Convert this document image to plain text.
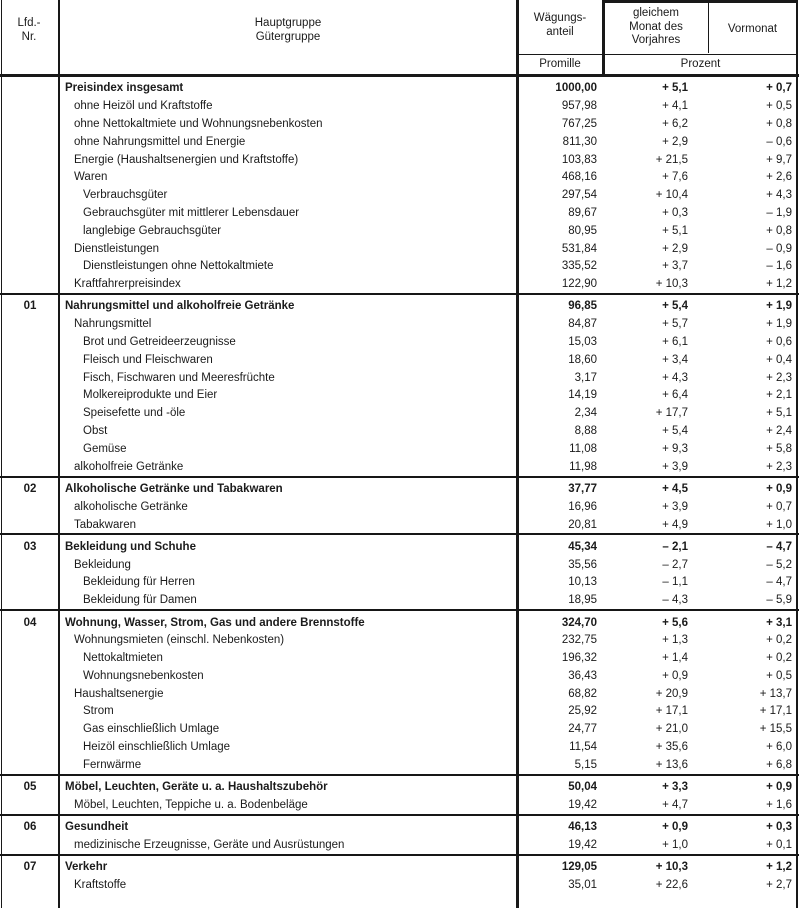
Lfd.-
Nr.
Hauptgruppe
Gütergruppe
Wägungs-
anteil
gleichem
Monat des
Vorjahres
Vormonat
Promille	Prozent
Preisindex insgesamt	1000,00	+ 5,1	+ 0,7
ohne Heizöl und Kraftstoffe	957,98	+ 4,1	+ 0,5
ohne Nettokaltmiete und Wohnungsnebenkosten	767,25	+ 6,2	+ 0,8
ohne Nahrungsmittel und Energie	811,30	+ 2,9	– 0,6
Energie (Haushaltsenergien und Kraftstoffe)	103,83	+ 21,5	+ 9,7
Waren	468,16	+ 7,6	+ 2,6
Verbrauchsgüter	297,54	+ 10,4	+ 4,3
Gebrauchsgüter mit mittlerer Lebensdauer	89,67	+ 0,3	– 1,9
langlebige Gebrauchsgüter	80,95	+ 5,1	+ 0,8
Dienstleistungen	531,84	+ 2,9	– 0,9
Dienstleistungen ohne Nettokaltmiete	335,52	+ 3,7	– 1,6
Kraftfahrerpreisindex	122,90	+ 10,3	+ 1,2
01	Nahrungsmittel und alkoholfreie Getränke	96,85	+ 5,4	+ 1,9
Nahrungsmittel	84,87	+ 5,7	+ 1,9
Brot und Getreideerzeugnisse	15,03	+ 6,1	+ 0,6
Fleisch und Fleischwaren	18,60	+ 3,4	+ 0,4
Fisch, Fischwaren und Meeresfrüchte	3,17	+ 4,3	+ 2,3
Molkereiprodukte und Eier	14,19	+ 6,4	+ 2,1
Speisefette und -öle	2,34	+ 17,7	+ 5,1
Obst	8,88	+ 5,4	+ 2,4
Gemüse	11,08	+ 9,3	+ 5,8
alkoholfreie Getränke	11,98	+ 3,9	+ 2,3
02	Alkoholische Getränke und Tabakwaren	37,77	+ 4,5	+ 0,9
alkoholische Getränke	16,96	+ 3,9	+ 0,7
Tabakwaren	20,81	+ 4,9	+ 1,0
03	Bekleidung und Schuhe	45,34	– 2,1	– 4,7
Bekleidung	35,56	– 2,7	– 5,2
Bekleidung für Herren	10,13	– 1,1	– 4,7
Bekleidung für Damen	18,95	– 4,3	– 5,9
04	Wohnung, Wasser, Strom, Gas und andere Brennstoffe	324,70	+ 5,6	+ 3,1
Wohnungsmieten (einschl. Nebenkosten)	232,75	+ 1,3	+ 0,2
Nettokaltmieten	196,32	+ 1,4	+ 0,2
Wohnungsnebenkosten	36,43	+ 0,9	+ 0,5
Haushaltsenergie	68,82	+ 20,9	+ 13,7
Strom	25,92	+ 17,1	+ 17,1
Gas einschließlich Umlage	24,77	+ 21,0	+ 15,5
Heizöl einschließlich Umlage	11,54	+ 35,6	+ 6,0
Fernwärme	5,15	+ 13,6	+ 6,8
05	Möbel, Leuchten, Geräte u. a. Haushaltszubehör	50,04	+ 3,3	+ 0,9
Möbel, Leuchten, Teppiche u. a. Bodenbeläge	19,42	+ 4,7	+ 1,6
06	Gesundheit	46,13	+ 0,9	+ 0,3
medizinische Erzeugnisse, Geräte und Ausrüstungen	19,42	+ 1,0	+ 0,1
07	Verkehr	129,05	+ 10,3	+ 1,2
Kraftstoffe	35,01	+ 22,6	+ 2,7
